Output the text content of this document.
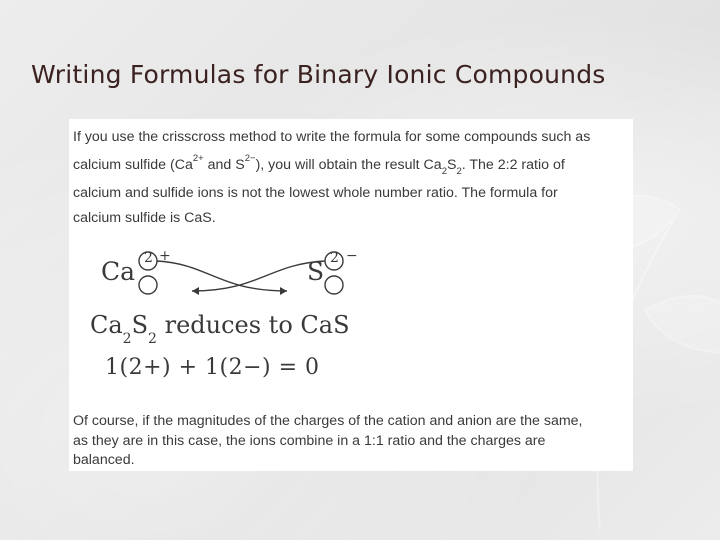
Writing Formulas for Binary Ionic Compounds

If you use the crisscross method to write the formula for some compounds such as
calcium sulfide ($Ca^{2+}$ and $S^{2-}$), you will obtain the result $Ca_2S_2$. The 2:2 ratio of
calcium and sulfide ions is not the lowest whole number ratio. The formula for
calcium sulfide is CaS.

Ca 2 +
S 2 −
$Ca_2S_2$ reduces to CaS
1(2+) + 1(2−) = 0

Of course, if the magnitudes of the charges of the cation and anion are the same,
as they are in this case, the ions combine in a 1:1 ratio and the charges are
balanced.
